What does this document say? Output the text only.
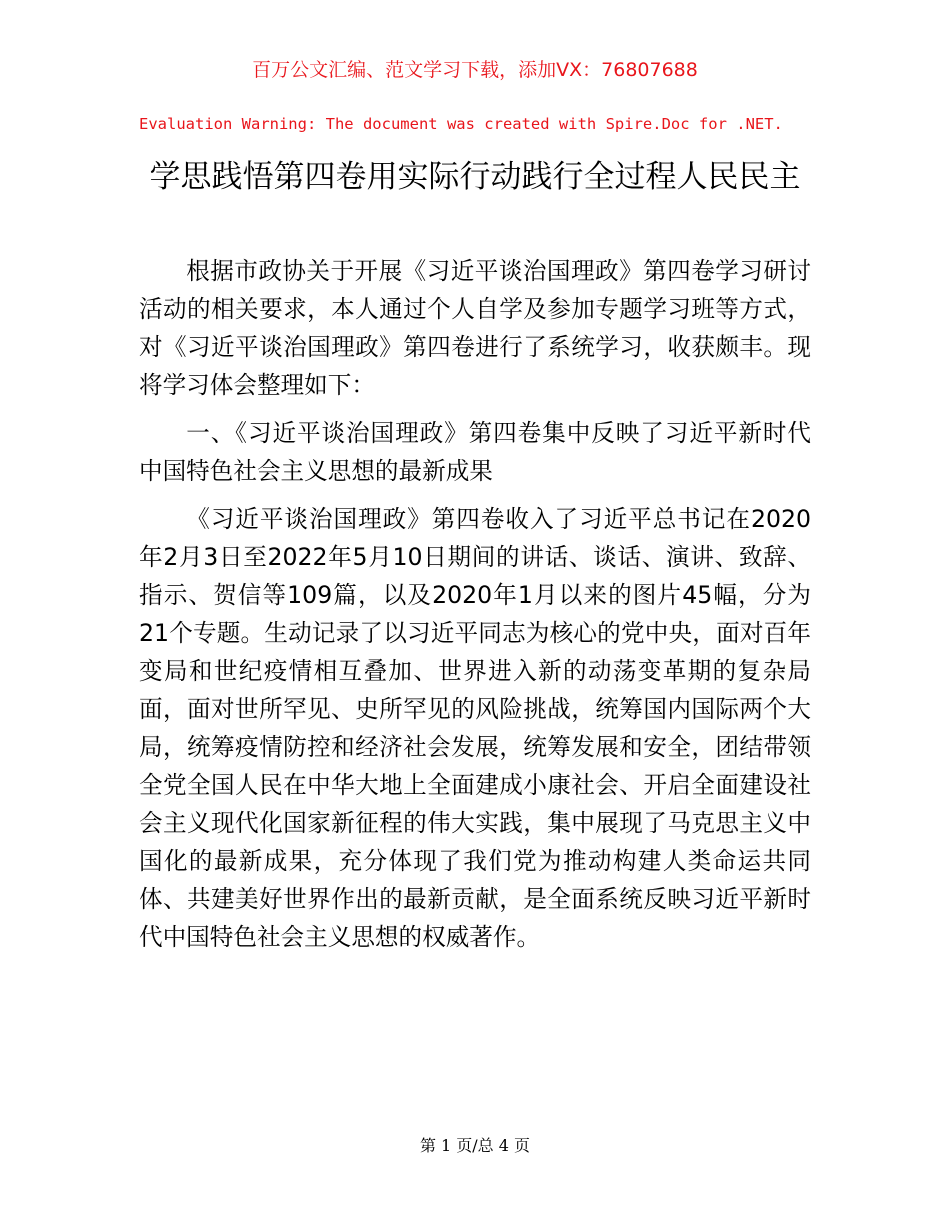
百万公文汇编、范文学习下载，添加VX：76807688
Evaluation Warning: The document was created with Spire.Doc for .NET.
学思践悟第四卷用实际行动践行全过程人民民主

根据市政协关于开展《习近平谈治国理政》第四卷学习研讨活动的相关要求，本人通过个人自学及参加专题学习班等方式，对《习近平谈治国理政》第四卷进行了系统学习，收获颇丰。现将学习体会整理如下：

一、《习近平谈治国理政》第四卷集中反映了习近平新时代中国特色社会主义思想的最新成果

《习近平谈治国理政》第四卷收入了习近平总书记在2020年2月3日至2022年5月10日期间的讲话、谈话、演讲、致辞、指示、贺信等109篇，以及2020年1月以来的图片45幅，分为21个专题。生动记录了以习近平同志为核心的党中央，面对百年变局和世纪疫情相互叠加、世界进入新的动荡变革期的复杂局面，面对世所罕见、史所罕见的风险挑战，统筹国内国际两个大局，统筹疫情防控和经济社会发展，统筹发展和安全，团结带领全党全国人民在中华大地上全面建成小康社会、开启全面建设社会主义现代化国家新征程的伟大实践，集中展现了马克思主义中国化的最新成果，充分体现了我们党为推动构建人类命运共同体、共建美好世界作出的最新贡献，是全面系统反映习近平新时代中国特色社会主义思想的权威著作。

第 1 页/总 4 页
